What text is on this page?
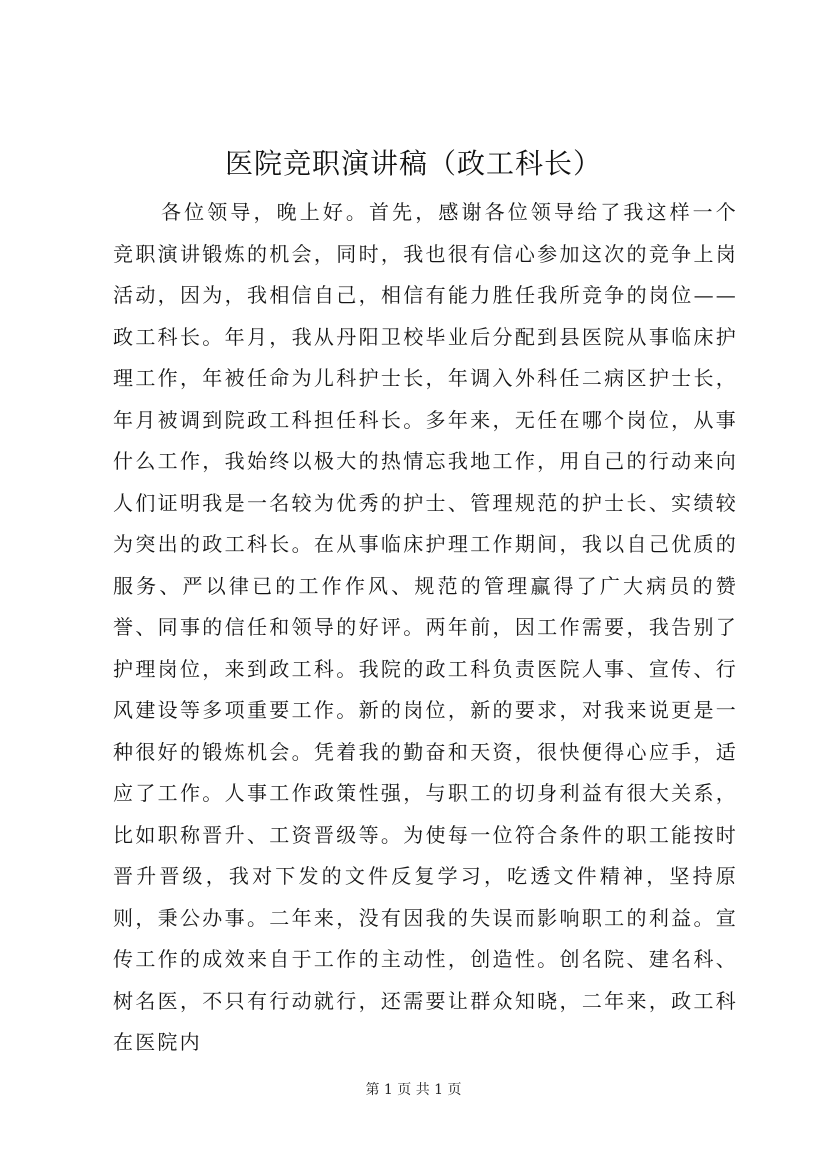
医院竞职演讲稿（政工科长）

各位领导，晚上好。首先，感谢各位领导给了我这样一个竞职演讲锻炼的机会，同时，我也很有信心参加这次的竞争上岗活动，因为，我相信自己，相信有能力胜任我所竞争的岗位——政工科长。年月，我从丹阳卫校毕业后分配到县医院从事临床护理工作，年被任命为儿科护士长，年调入外科任二病区护士长，年月被调到院政工科担任科长。多年来，无任在哪个岗位，从事什么工作，我始终以极大的热情忘我地工作，用自己的行动来向人们证明我是一名较为优秀的护士、管理规范的护士长、实绩较为突出的政工科长。在从事临床护理工作期间，我以自己优质的服务、严以律已的工作作风、规范的管理赢得了广大病员的赞誉、同事的信任和领导的好评。两年前，因工作需要，我告别了护理岗位，来到政工科。我院的政工科负责医院人事、宣传、行风建设等多项重要工作。新的岗位，新的要求，对我来说更是一种很好的锻炼机会。凭着我的勤奋和天资，很快便得心应手，适应了工作。人事工作政策性强，与职工的切身利益有很大关系，比如职称晋升、工资晋级等。为使每一位符合条件的职工能按时晋升晋级，我对下发的文件反复学习，吃透文件精神，坚持原则，秉公办事。二年来，没有因我的失误而影响职工的利益。宣传工作的成效来自于工作的主动性，创造性。创名院、建名科、树名医，不只有行动就行，还需要让群众知晓，二年来，政工科在医院内

第 1 页 共 1 页
